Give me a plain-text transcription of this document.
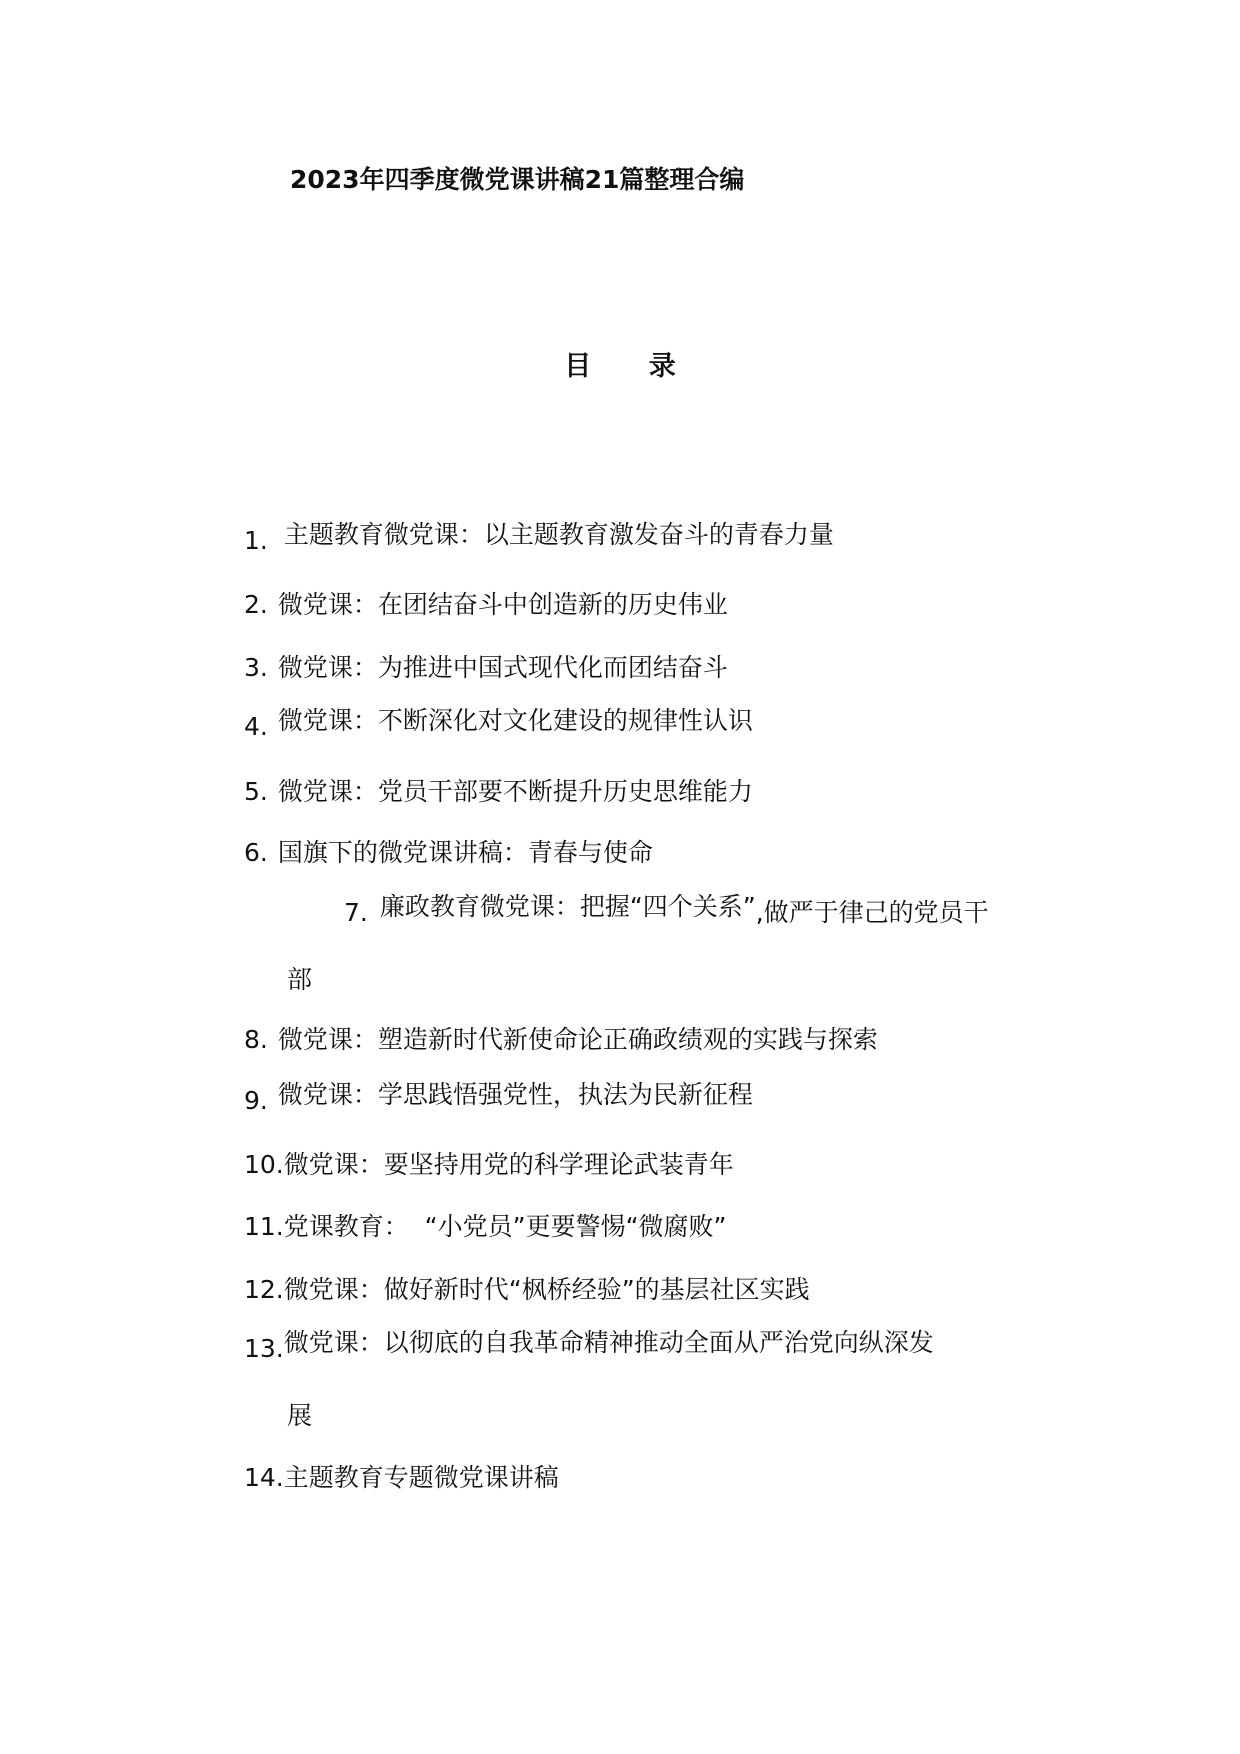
2023年四季度微党课讲稿21篇整理合编
目 录
1. 主题教育微党课：以主题教育激发奋斗的青春力量
2. 微党课：在团结奋斗中创造新的历史伟业
3. 微党课：为推进中国式现代化而团结奋斗
4. 微党课：不断深化对文化建设的规律性认识
5. 微党课：党员干部要不断提升历史思维能力
6. 国旗下的微党课讲稿：青春与使命
7. 廉政教育微党课：把握“四个关系”,做严于律己的党员干
部
8. 微党课：塑造新时代新使命论正确政绩观的实践与探索
9. 微党课：学思践悟强党性，执法为民新征程
10.微党课：要坚持用党的科学理论武装青年
11.党课教育：  “小党员”更要警惕“微腐败”
12.微党课：做好新时代“枫桥经验”的基层社区实践
13.微党课：以彻底的自我革命精神推动全面从严治党向纵深发
展
14.主题教育专题微党课讲稿
